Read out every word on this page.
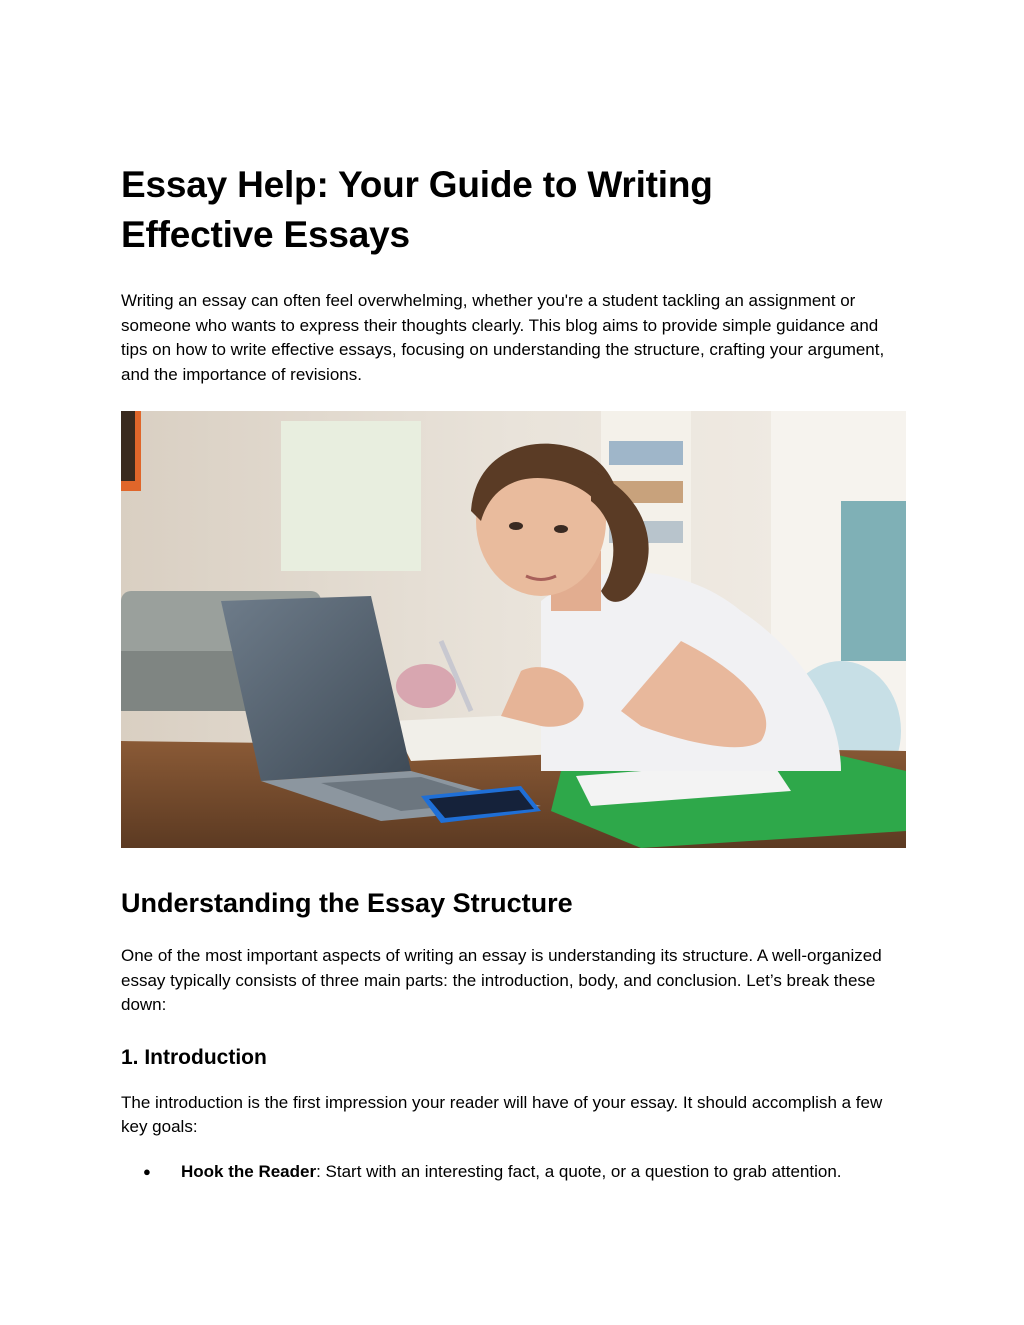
Essay Help: Your Guide to Writing
Effective Essays

Writing an essay can often feel overwhelming, whether you're a student tackling an assignment or someone who wants to express their thoughts clearly. This blog aims to provide simple guidance and tips on how to write effective essays, focusing on understanding the structure, crafting your argument, and the importance of revisions.

Understanding the Essay Structure

One of the most important aspects of writing an essay is understanding its structure. A well-organized essay typically consists of three main parts: the introduction, body, and conclusion. Let’s break these down:

1. Introduction

The introduction is the first impression your reader will have of your essay. It should accomplish a few key goals:

● Hook the Reader: Start with an interesting fact, a quote, or a question to grab attention.
